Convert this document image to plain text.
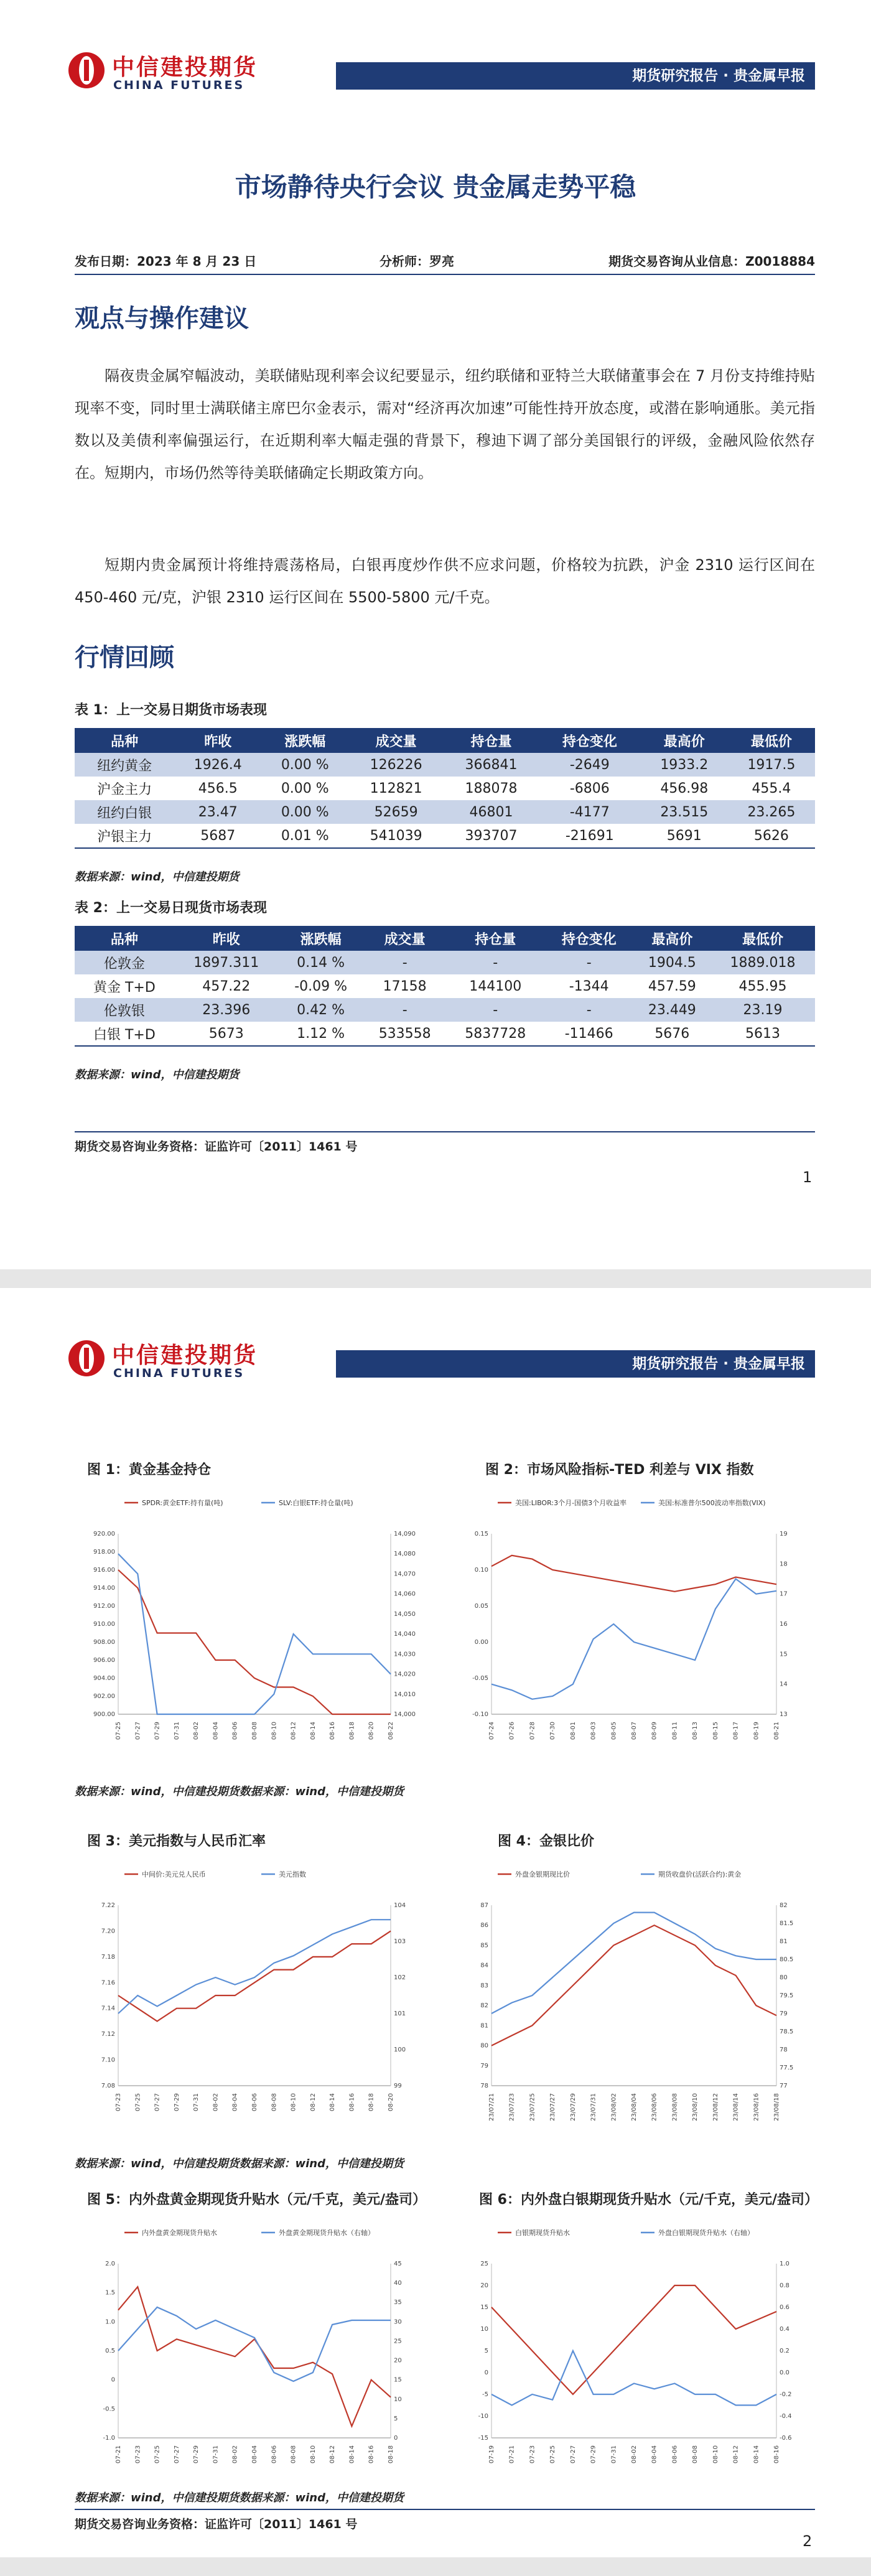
中信建投期货
CHINA FUTURES
期货研究报告 · 贵金属早报
市场静待央行会议 贵金属走势平稳
发布日期：2023 年 8 月 23 日	分析师：罗亮	期货交易咨询从业信息：Z0018884
观点与操作建议

隔夜贵金属窄幅波动，美联储贴现利率会议纪要显示，纽约联储和亚特兰大联储董事会在 7 月份支持维持贴现率不变，同时里士满联储主席巴尔金表示，需对“经济再次加速”可能性持开放态度，或潜在影响通胀。美元指数以及美债利率偏强运行，在近期利率大幅走强的背景下，穆迪下调了部分美国银行的评级，金融风险依然存在。短期内，市场仍然等待美联储确定长期政策方向。

短期内贵金属预计将维持震荡格局，白银再度炒作供不应求问题，价格较为抗跌，沪金 2310 运行区间在 450-460 元/克，沪银 2310 运行区间在 5500-5800 元/千克。

行情回顾
表 1：上一交易日期货市场表现
品种	昨收	涨跌幅	成交量	持仓量	持仓变化	最高价	最低价
纽约黄金	1926.4	0.00 %	126226	366841	-2649	1933.2	1917.5
沪金主力	456.5	0.00 %	112821	188078	-6806	456.98	455.4
纽约白银	23.47	0.00 %	52659	46801	-4177	23.515	23.265
沪银主力	5687	0.01 %	541039	393707	-21691	5691	5626
数据来源：wind，中信建投期货
表 2：上一交易日现货市场表现
品种	昨收	涨跌幅	成交量	持仓量	持仓变化	最高价	最低价
伦敦金	1897.311	0.14 %	-	-	-	1904.5	1889.018
黄金 T+D	457.22	-0.09 %	17158	144100	-1344	457.59	455.95
伦敦银	23.396	0.42 %	-	-	-	23.449	23.19
白银 T+D	5673	1.12 %	533558	5837728	-11466	5676	5613
数据来源：wind，中信建投期货
期货交易咨询业务资格：证监许可〔2011〕1461 号
1
中信建投期货
CHINA FUTURES
期货研究报告 · 贵金属早报
图 1：黄金基金持仓
SPDR:黄金ETF:持有量(吨)	SLV:白银ETF:持仓量(吨)
920.00
918.00
916.00
914.00
912.00
910.00
908.00
906.00
904.00
902.00
900.00
14,090
14,080
14,070
14,060
14,050
14,040
14,030
14,020
14,010
14,000
07-25 07-27 07-29 07-31 08-02 08-04 08-06 08-08 08-10 08-12 08-14 08-16 08-18 08-20 08-22
图 2：市场风险指标-TED 利差与 VIX 指数
美国:LIBOR:3个月-国债3个月收益率	美国:标准普尔500波动率指数(VIX)
0.15
0.10
0.05
0.00
-0.05
-0.10
19
18
17
16
15
14
13
07-24 07-26 07-28 07-30 08-01 08-03 08-05 08-07 08-09 08-11 08-13 08-15 08-17 08-19 08-21
数据来源：wind，中信建投期货数据来源：wind，中信建投期货
图 3：美元指数与人民币汇率
中间价:美元兑人民币	美元指数
7.22
7.20
7.18
7.16
7.14
7.12
7.10
7.08
104
103
102
101
100
99
07-23 07-25 07-27 07-29 07-31 08-02 08-04 08-06 08-08 08-10 08-12 08-14 08-16 08-18 08-20
图 4：金银比价
外盘金银期现比价	期货收盘价(活跃合约):黄金
87
86
85
84
83
82
81
80
79
78
82
81.5
81
80.5
80
79.5
79
78.5
78
77.5
77
23/07/21 23/07/23 23/07/25 23/07/27 23/07/29 23/07/31 23/08/02 23/08/04 23/08/06 23/08/08 23/08/10 23/08/12 23/08/14 23/08/16 23/08/18
数据来源：wind，中信建投期货数据来源：wind，中信建投期货
图 5：内外盘黄金期现货升贴水（元/千克，美元/盎司）
内外盘黄金期现货升贴水	外盘黄金期现货升贴水（右轴）
2.0
1.5
1.0
0.5
0
-0.5
-1.0
45
40
35
30
25
20
15
10
5
0
07-21 07-23 07-25 07-27 07-29 07-31 08-02 08-04 08-06 08-08 08-10 08-12 08-14 08-16 08-18
图 6：内外盘白银期现货升贴水（元/千克，美元/盎司）
白银期现货升贴水	外盘白银期现货升贴水（右轴）
25
20
15
10
5
0
-5
-10
-15
1.0
0.8
0.6
0.4
0.2
0.0
-0.2
-0.4
-0.6
07-19 07-21 07-23 07-25 07-27 07-29 07-31 08-02 08-04 08-06 08-08 08-10 08-12 08-14 08-16
数据来源：wind，中信建投期货数据来源：wind，中信建投期货
期货交易咨询业务资格：证监许可〔2011〕1461 号
2
